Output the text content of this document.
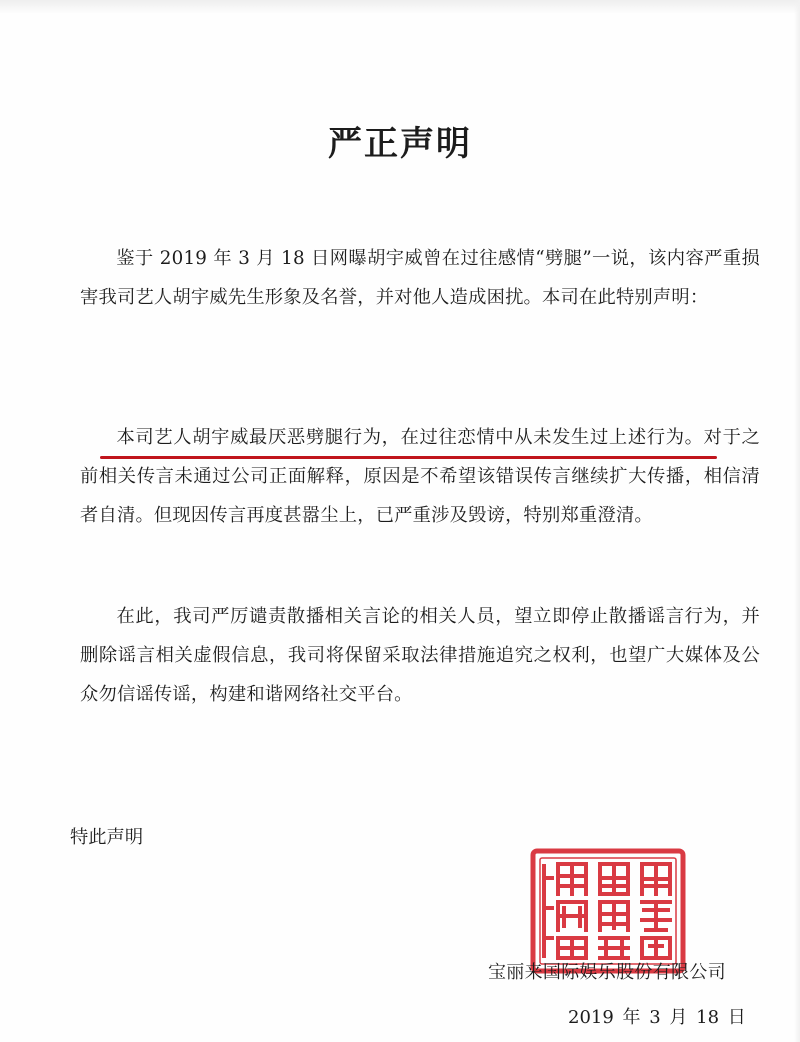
严正声明
鉴于 2019 年 3 月 18 日网曝胡宇威曾在过往感情“劈腿”一说，该内容严重损害我司艺人胡宇威先生形象及名誉，并对他人造成困扰。本司在此特别声明：
本司艺人胡宇威最厌恶劈腿行为，在过往恋情中从未发生过上述行为。对于之前相关传言未通过公司正面解释，原因是不希望该错误传言继续扩大传播，相信清者自清。但现因传言再度甚嚣尘上，已严重涉及毁谤，特别郑重澄清。
在此，我司严厉谴责散播相关言论的相关人员，望立即停止散播谣言行为，并删除谣言相关虚假信息，我司将保留采取法律措施追究之权利，也望广大媒体及公众勿信谣传谣，构建和谐网络社交平台。
特此声明
宝丽来国际娱乐股份有限公司
2019 年 3 月 18 日
